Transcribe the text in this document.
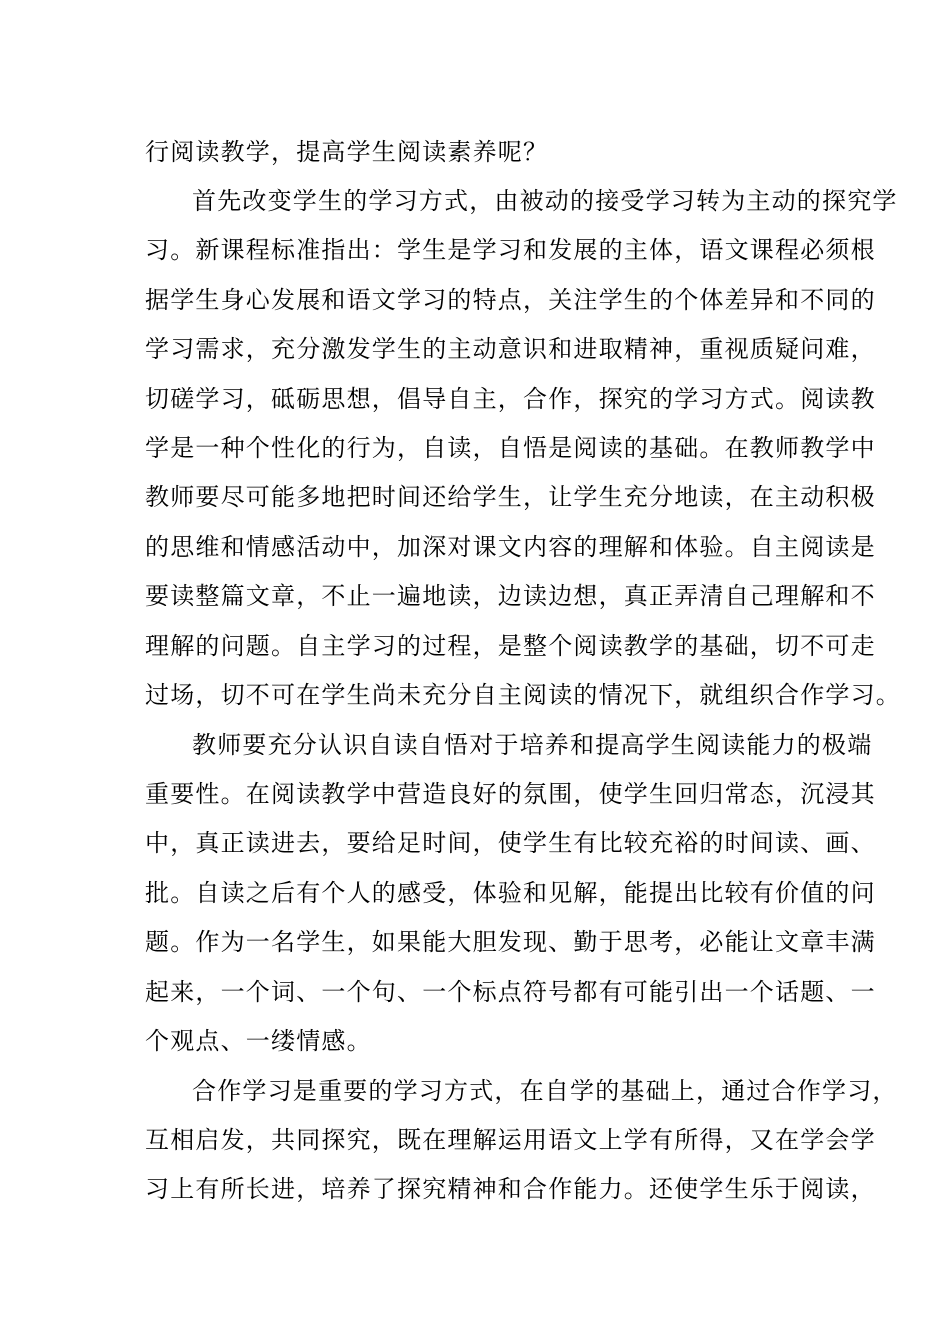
行阅读教学，提高学生阅读素养呢？
首先改变学生的学习方式，由被动的接受学习转为主动的探究学
习。新课程标准指出：学生是学习和发展的主体，语文课程必须根
据学生身心发展和语文学习的特点，关注学生的个体差异和不同的
学习需求，充分激发学生的主动意识和进取精神，重视质疑问难，
切磋学习，砥砺思想，倡导自主，合作，探究的学习方式。阅读教
学是一种个性化的行为，自读，自悟是阅读的基础。在教师教学中
教师要尽可能多地把时间还给学生，让学生充分地读，在主动积极
的思维和情感活动中，加深对课文内容的理解和体验。自主阅读是
要读整篇文章，不止一遍地读，边读边想，真正弄清自己理解和不
理解的问题。自主学习的过程，是整个阅读教学的基础，切不可走
过场，切不可在学生尚未充分自主阅读的情况下，就组织合作学习。
教师要充分认识自读自悟对于培养和提高学生阅读能力的极端
重要性。在阅读教学中营造良好的氛围，使学生回归常态，沉浸其
中，真正读进去，要给足时间，使学生有比较充裕的时间读、画、
批。自读之后有个人的感受，体验和见解，能提出比较有价值的问
题。作为一名学生，如果能大胆发现、勤于思考，必能让文章丰满
起来，一个词、一个句、一个标点符号都有可能引出一个话题、一
个观点、一缕情感。
合作学习是重要的学习方式，在自学的基础上，通过合作学习，
互相启发，共同探究，既在理解运用语文上学有所得，又在学会学
习上有所长进，培养了探究精神和合作能力。还使学生乐于阅读，
